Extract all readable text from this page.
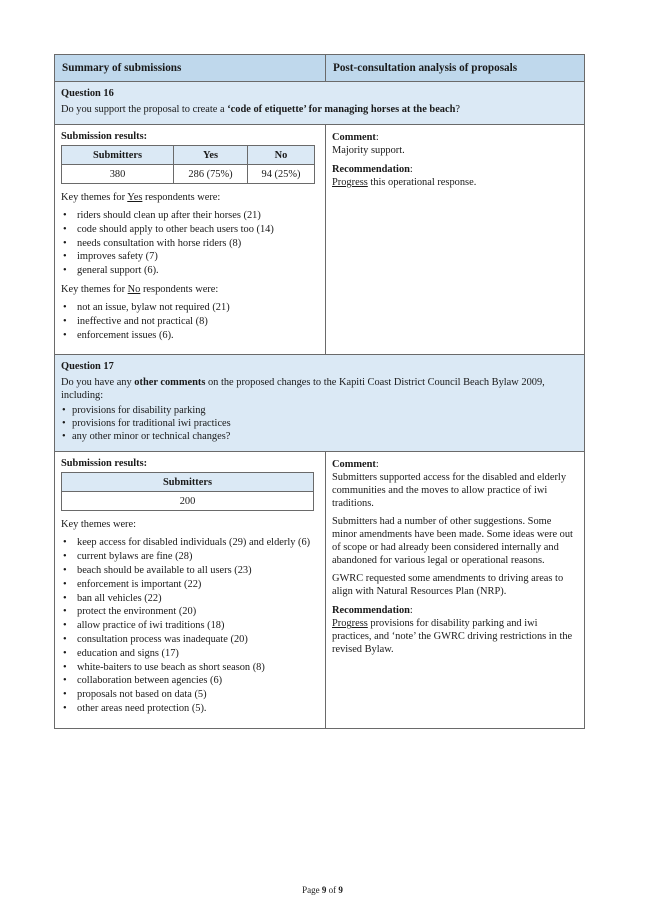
Summary of submissions	Post-consultation analysis of proposals

Question 16
Do you support the proposal to create a ‘code of etiquette’ for managing horses at the beach?

Submission results:
Submitters	Yes	No
380	286 (75%)	94 (25%)
Key themes for Yes respondents were:
• riders should clean up after their horses (21)
• code should apply to other beach users too (14)
• needs consultation with horse riders (8)
• improves safety (7)
• general support (6).
Key themes for No respondents were:
• not an issue, bylaw not required (21)
• ineffective and not practical (8)
• enforcement issues (6).

Comment:
Majority support.
Recommendation:
Progress this operational response.

Question 17
Do you have any other comments on the proposed changes to the Kapiti Coast District Council Beach Bylaw 2009, including:
• provisions for disability parking
• provisions for traditional iwi practices
• any other minor or technical changes?

Submission results:
Submitters
200
Key themes were:
• keep access for disabled individuals (29) and elderly (6)
• current bylaws are fine (28)
• beach should be available to all users (23)
• enforcement is important (22)
• ban all vehicles (22)
• protect the environment (20)
• allow practice of iwi traditions (18)
• consultation process was inadequate (20)
• education and signs (17)
• white-baiters to use beach as short season (8)
• collaboration between agencies (6)
• proposals not based on data (5)
• other areas need protection (5).

Comment:
Submitters supported access for the disabled and elderly communities and the moves to allow practice of iwi traditions.
Submitters had a number of other suggestions. Some minor amendments have been made. Some ideas were out of scope or had already been considered internally and abandoned for various legal or operational reasons.
GWRC requested some amendments to driving areas to align with Natural Resources Plan (NRP).
Recommendation:
Progress provisions for disability parking and iwi practices, and ‘note’ the GWRC driving restrictions in the revised Bylaw.
Page 9 of 9
